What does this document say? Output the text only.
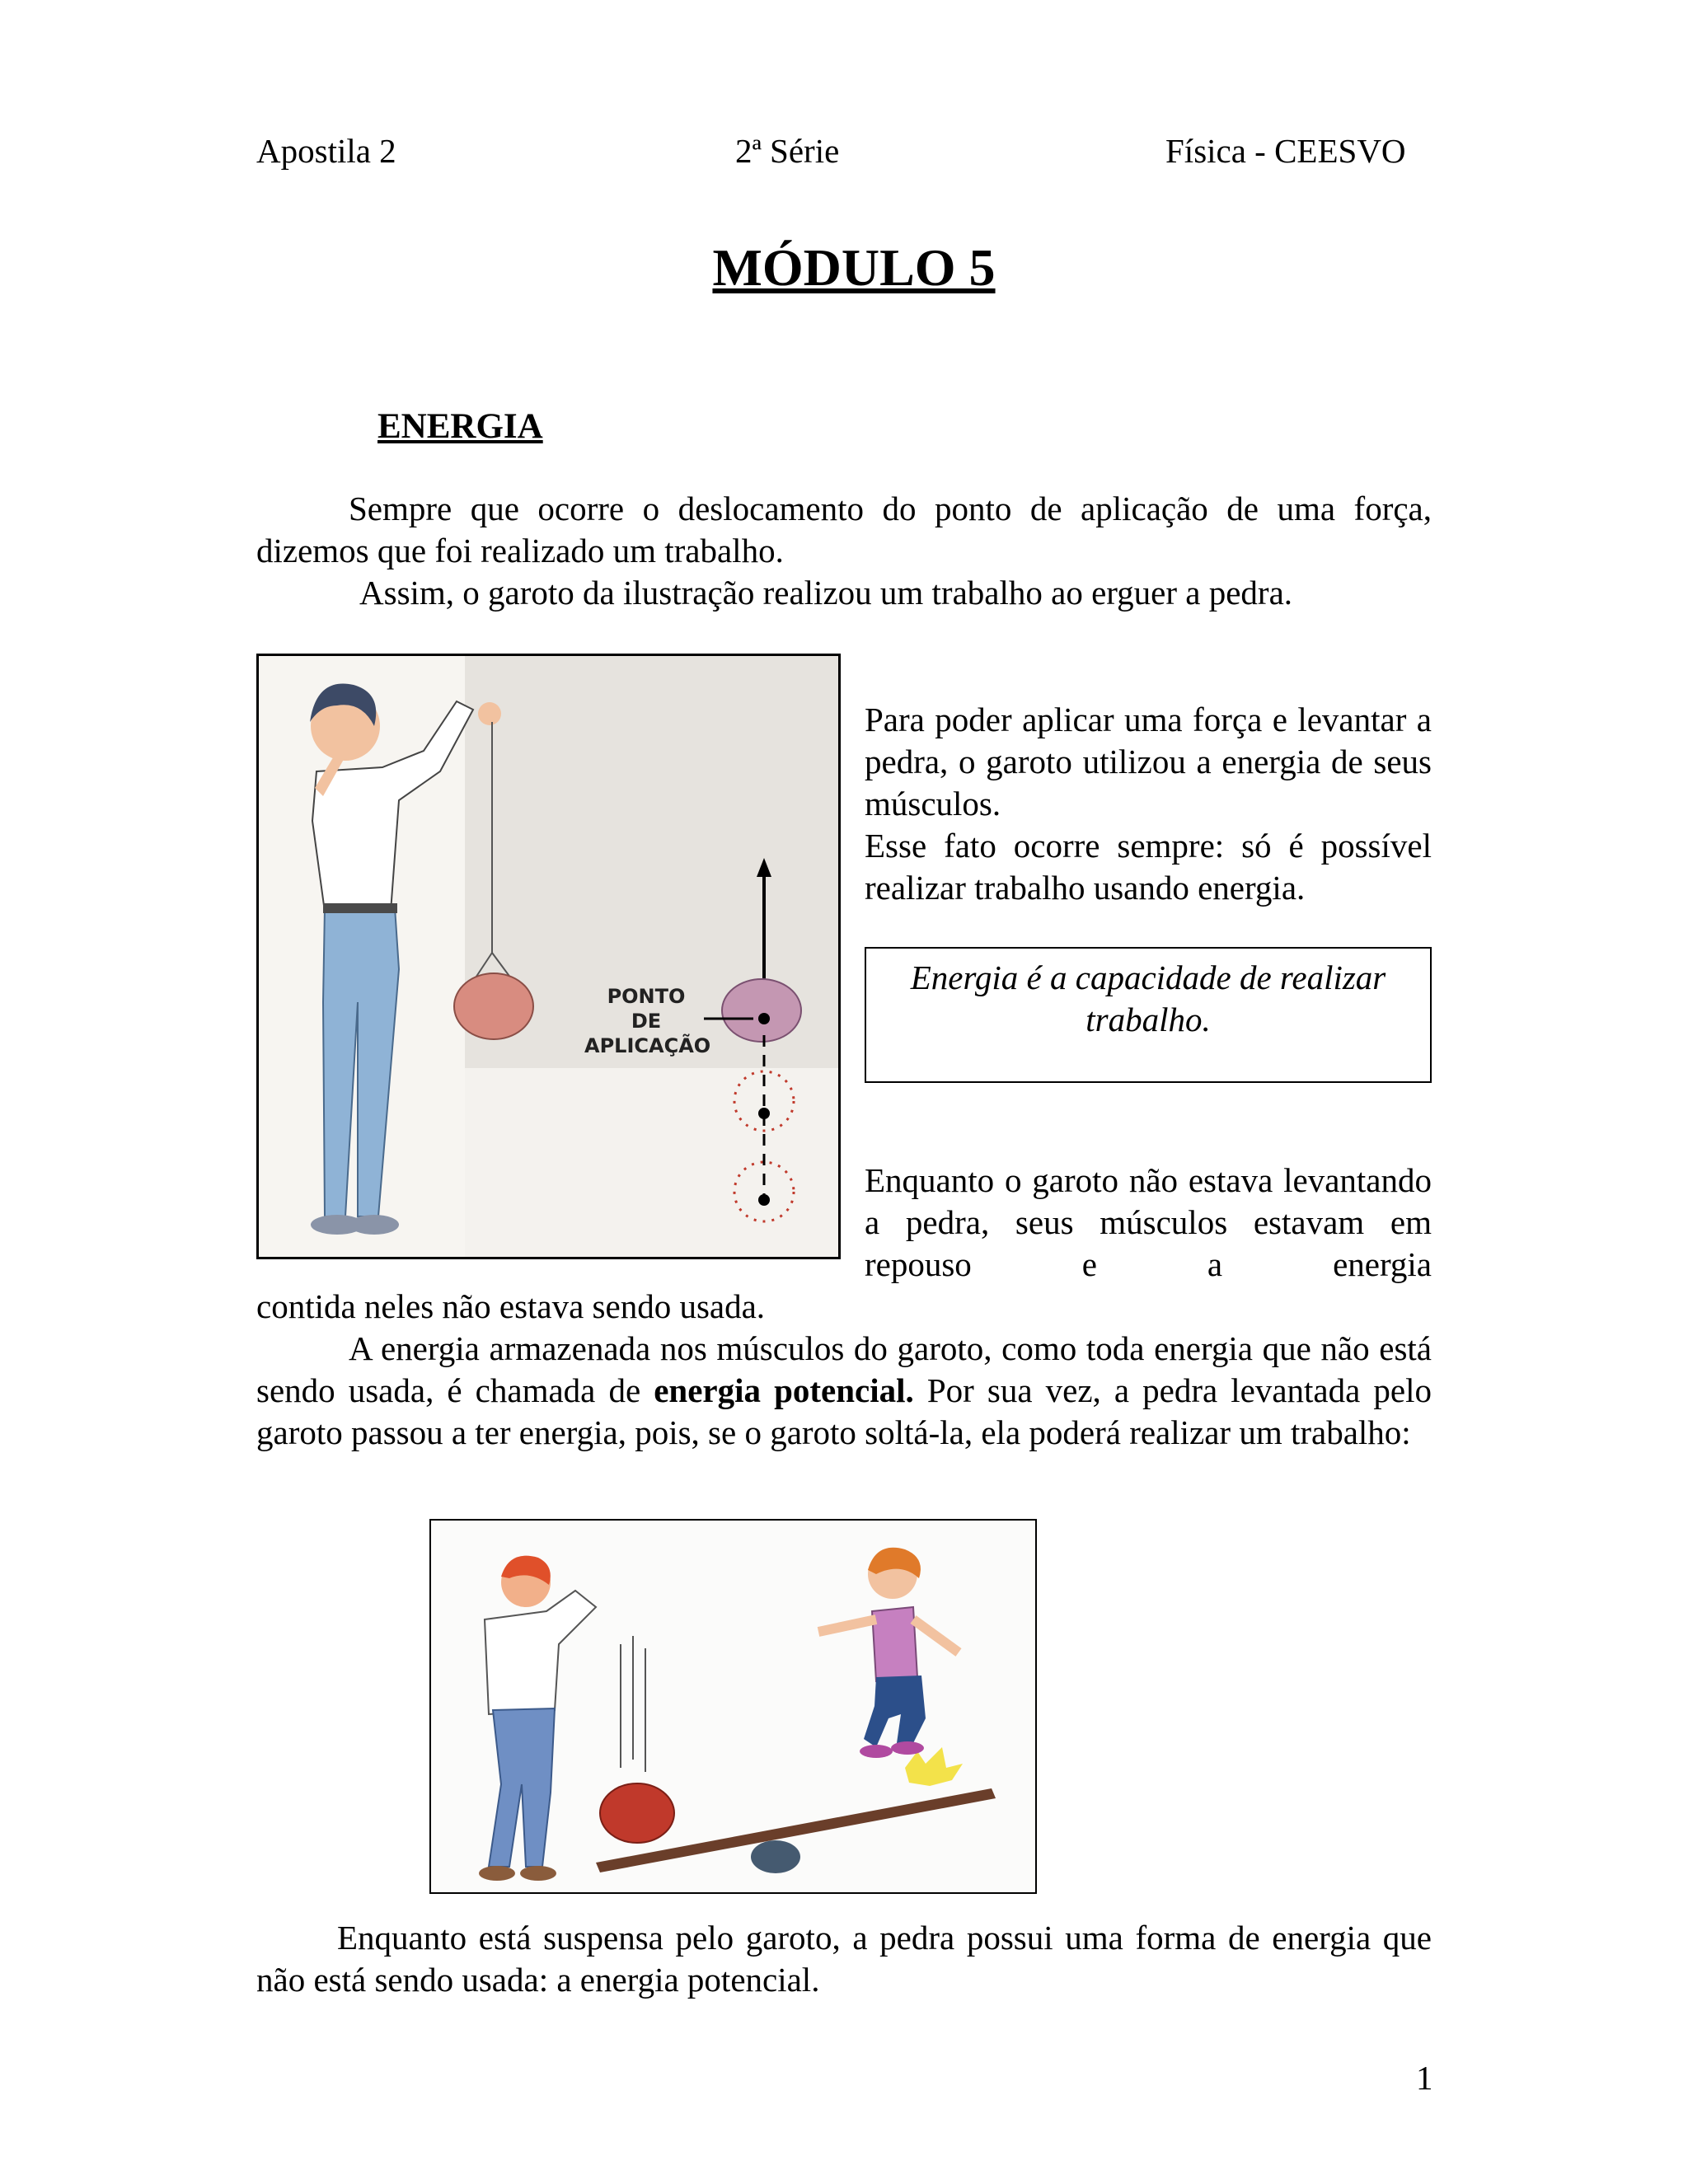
Apostila 2	2ª Série	Física - CEESVO
MÓDULO 5
ENERGIA
Sempre que ocorre o deslocamento do ponto de aplicação de uma força, dizemos que foi realizado um trabalho.
Assim, o garoto da ilustração realizou um trabalho ao erguer a pedra.
PONTO
DE
APLICAÇÃO
Para poder aplicar uma força e levantar a pedra, o garoto utilizou a energia de seus músculos.
Esse fato ocorre sempre: só é possível realizar trabalho usando energia.
Energia é a capacidade de realizar trabalho.
Enquanto o garoto não estava levantando a pedra, seus músculos estavam em repouso e a energia
contida neles não estava sendo usada.
A energia armazenada nos músculos do garoto, como toda energia que não está sendo usada, é chamada de energia potencial. Por sua vez, a pedra levantada pelo garoto passou a ter energia, pois, se o garoto soltá-la, ela poderá realizar um trabalho:
Enquanto está suspensa pelo garoto, a pedra possui uma forma de energia que não está sendo usada: a energia potencial.
1
